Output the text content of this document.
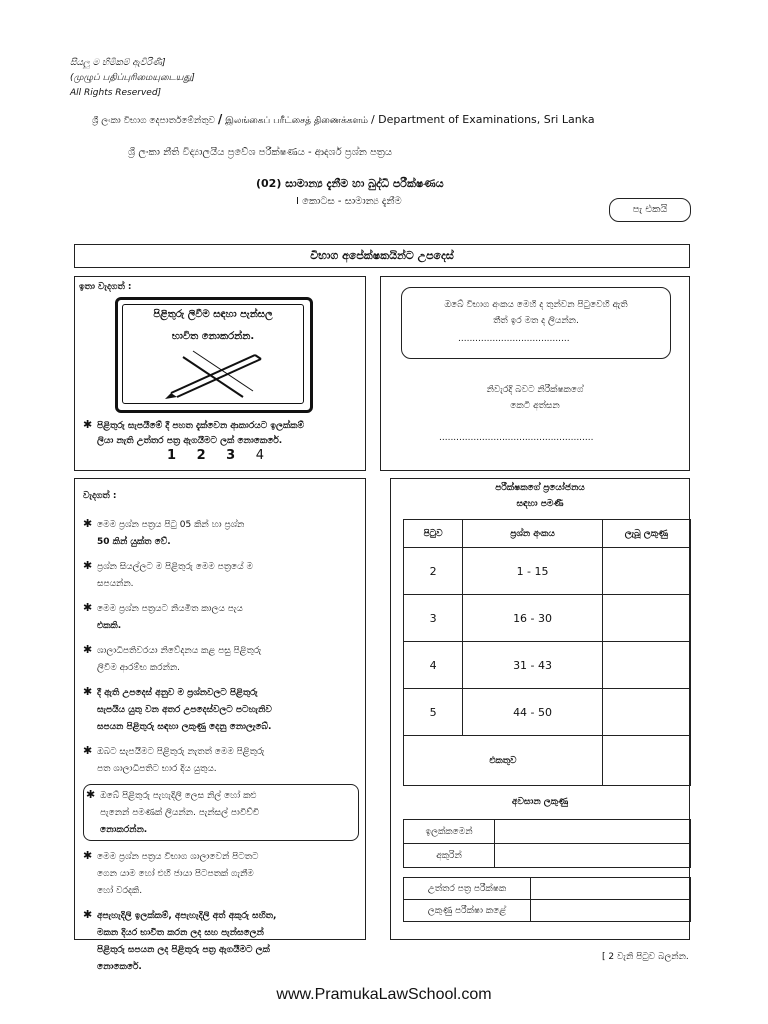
සියලු ම හිමිකම් ඇවිරිණි]
(முழுப் பதிப்புரிமையுடையது]
All Rights Reserved]
ශ්‍රී ලංකා විභාග දෙපාර්තමේන්තුව / இலங்கைப் பரீட்சைத் திணைக்களம் / Department of Examinations, Sri Lanka
ශ්‍රී ලංකා නීති විද්‍යාලයීය ප්‍රවේශ පරීක්ෂණය - ආදර්ශ ප්‍රශ්න පත්‍රය
(02) සාමාන්‍ය දැනීම හා බුද්ධි පරීක්ෂණය
I කොටස - සාමාන්‍ය දැනීම
පැ එකයි
විභාග අපේක්ෂකයින්ට උපදෙස්
ඉතා වැදගත් :
පිළිතුරු ලිවීම සඳහා පැන්සල
භාවිත නොකරන්න.
✱ පිළිතුරු සැපයීමේ දී පහත දැක්වෙන ආකාරයට ඉලක්කම්
ලියා නැති උත්තර පත්‍ර ඇගයීමට ලක් නොකෙරේ.
1 2 3 4
ඔබේ විභාග අංකය මෙහි ද තුන්වන පිටුවෙහි ඇති
තීත් ඉර මත ද ලියන්න.
.......................................
නිවැරදි බවට නිරීක්ෂකගේ
කෙටි අත්සන
......................................................
වැදගත් :
✱ මෙම ප්‍රශ්න පත්‍රය පිටු 05 කින් හා ප්‍රශ්න
50 කින් යුක්ත වේ.
✱ ප්‍රශ්න සියල්ලට ම පිළිතුරු මෙම පත්‍රයේ ම
සපයන්න.
✱ මෙම ප්‍රශ්න පත්‍රයට නියමිත කාලය පැය
එකකි.
✱ ශාලාධිපතිවරයා නිවේදනය කළ පසු පිළිතුරු
ලිවීම ආරම්භ කරන්න.
✱ දී ඇති උපදෙස් අනුව ම ප්‍රශ්නවලට පිළිතුරු
සැපයිය යුතු වන අතර උපදෙස්වලට පටහැනිව
සපයන පිළිතුරු සඳහා ලකුණු දෙනු නොලැබේ.
✱ ඔබට සැපයීමට පිළිතුරු නැතත් මෙම පිළිතුරු
පත ශාලාධිපතිට භාර දිය යුතුය.
✱ ඔබේ පිළිතුරු පැහැදිලි ලෙස නිල් හෝ කළු
පැනෙන් පමණක් ලියන්න. පැන්සල් පාවිච්චි
නොකරන්න.
✱ මෙම ප්‍රශ්න පත්‍රය විභාග ශාලාවෙන් පිටතට
ගෙන යාම හෝ එහි ජායා පිටපතක් ගැනීම
හෝ වරදකි.
✱ අපැහැදිලි ඉලක්කම්, අපැහැදිලි අත් අකුරු සහිත,
මකන දියර භාවිත කරන ලද සහ පැන්සලෙන්
පිළිතුරු සපයන ලද පිළිතුරු පත්‍ර ඇගයීමට ලක්
නොකෙරේ.
පරීක්ෂකගේ ප්‍රයෝජනය
සඳහා පමණි
පිටුව	ප්‍රශ්න අංකය	ලැබූ ලකුණු
2	1 - 15	
3	16 - 30	
4	31 - 43	
5	44 - 50	
එකතුව		
අවසාන ලකුණු
ඉලක්කමෙන්	
අකුරින්	
උත්තර පත්‍ර පරීක්ෂක	
ලකුණු පරීක්ෂා කළේ	
[ 2 වැනි පිටුව බලන්න.
www.PramukaLawSchool.com
